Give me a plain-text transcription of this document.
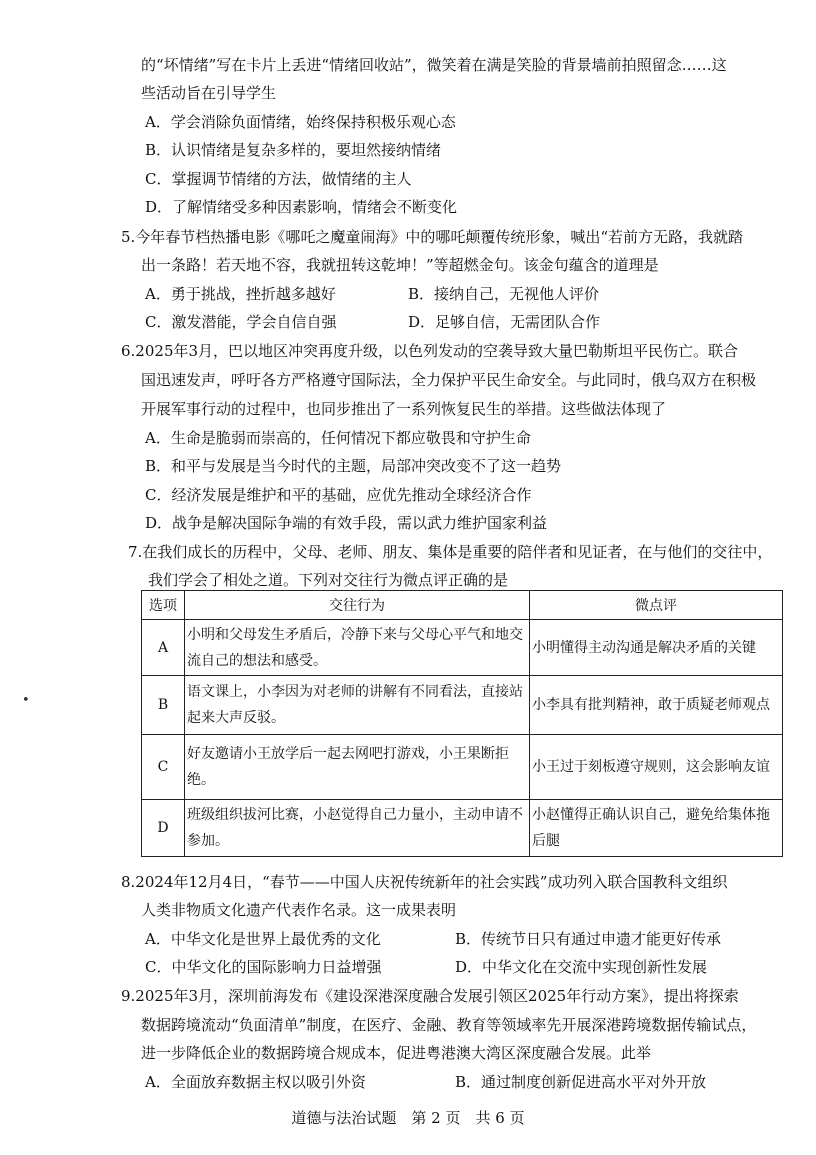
的“坏情绪”写在卡片上丢进“情绪回收站”，微笑着在满是笑脸的背景墙前拍照留念……这
些活动旨在引导学生
A．学会消除负面情绪，始终保持积极乐观心态
B．认识情绪是复杂多样的，要坦然接纳情绪
C．掌握调节情绪的方法，做情绪的主人
D．了解情绪受多种因素影响，情绪会不断变化
5.今年春节档热播电影《哪吒之魔童闹海》中的哪吒颠覆传统形象，喊出“若前方无路，我就踏
出一条路！若天地不容，我就扭转这乾坤！”等超燃金句。该金句蕴含的道理是
A．勇于挑战，挫折越多越好	B．接纳自己，无视他人评价
C．激发潜能，学会自信自强	D．足够自信，无需团队合作
6.2025年3月，巴以地区冲突再度升级，以色列发动的空袭导致大量巴勒斯坦平民伤亡。联合
国迅速发声，呼吁各方严格遵守国际法，全力保护平民生命安全。与此同时，俄乌双方在积极
开展军事行动的过程中，也同步推出了一系列恢复民生的举措。这些做法体现了
A．生命是脆弱而崇高的，任何情况下都应敬畏和守护生命
B．和平与发展是当今时代的主题，局部冲突改变不了这一趋势
C．经济发展是维护和平的基础，应优先推动全球经济合作
D．战争是解决国际争端的有效手段，需以武力维护国家利益
7.在我们成长的历程中，父母、老师、朋友、集体是重要的陪伴者和见证者，在与他们的交往中，
我们学会了相处之道。下列对交往行为微点评正确的是
选项	交往行为	微点评
A	小明和父母发生矛盾后，冷静下来与父母心平气和地交流自己的想法和感受。	小明懂得主动沟通是解决矛盾的关键
B	语文课上，小李因为对老师的讲解有不同看法，直接站起来大声反驳。	小李具有批判精神，敢于质疑老师观点
C	好友邀请小王放学后一起去网吧打游戏，小王果断拒绝。	小王过于刻板遵守规则，这会影响友谊
D	班级组织拔河比赛，小赵觉得自己力量小，主动申请不参加。	小赵懂得正确认识自己，避免给集体拖后腿
8.2024年12月4日，“春节——中国人庆祝传统新年的社会实践”成功列入联合国教科文组织
人类非物质文化遗产代表作名录。这一成果表明
A．中华文化是世界上最优秀的文化	B．传统节日只有通过申遗才能更好传承
C．中华文化的国际影响力日益增强	D．中华文化在交流中实现创新性发展
9.2025年3月，深圳前海发布《建设深港深度融合发展引领区2025年行动方案》，提出将探索
数据跨境流动“负面清单”制度，在医疗、金融、教育等领域率先开展深港跨境数据传输试点，
进一步降低企业的数据跨境合规成本，促进粤港澳大湾区深度融合发展。此举
A．全面放弃数据主权以吸引外资	B．通过制度创新促进高水平对外开放
•
道德与法治试题　第 2 页　共 6 页
